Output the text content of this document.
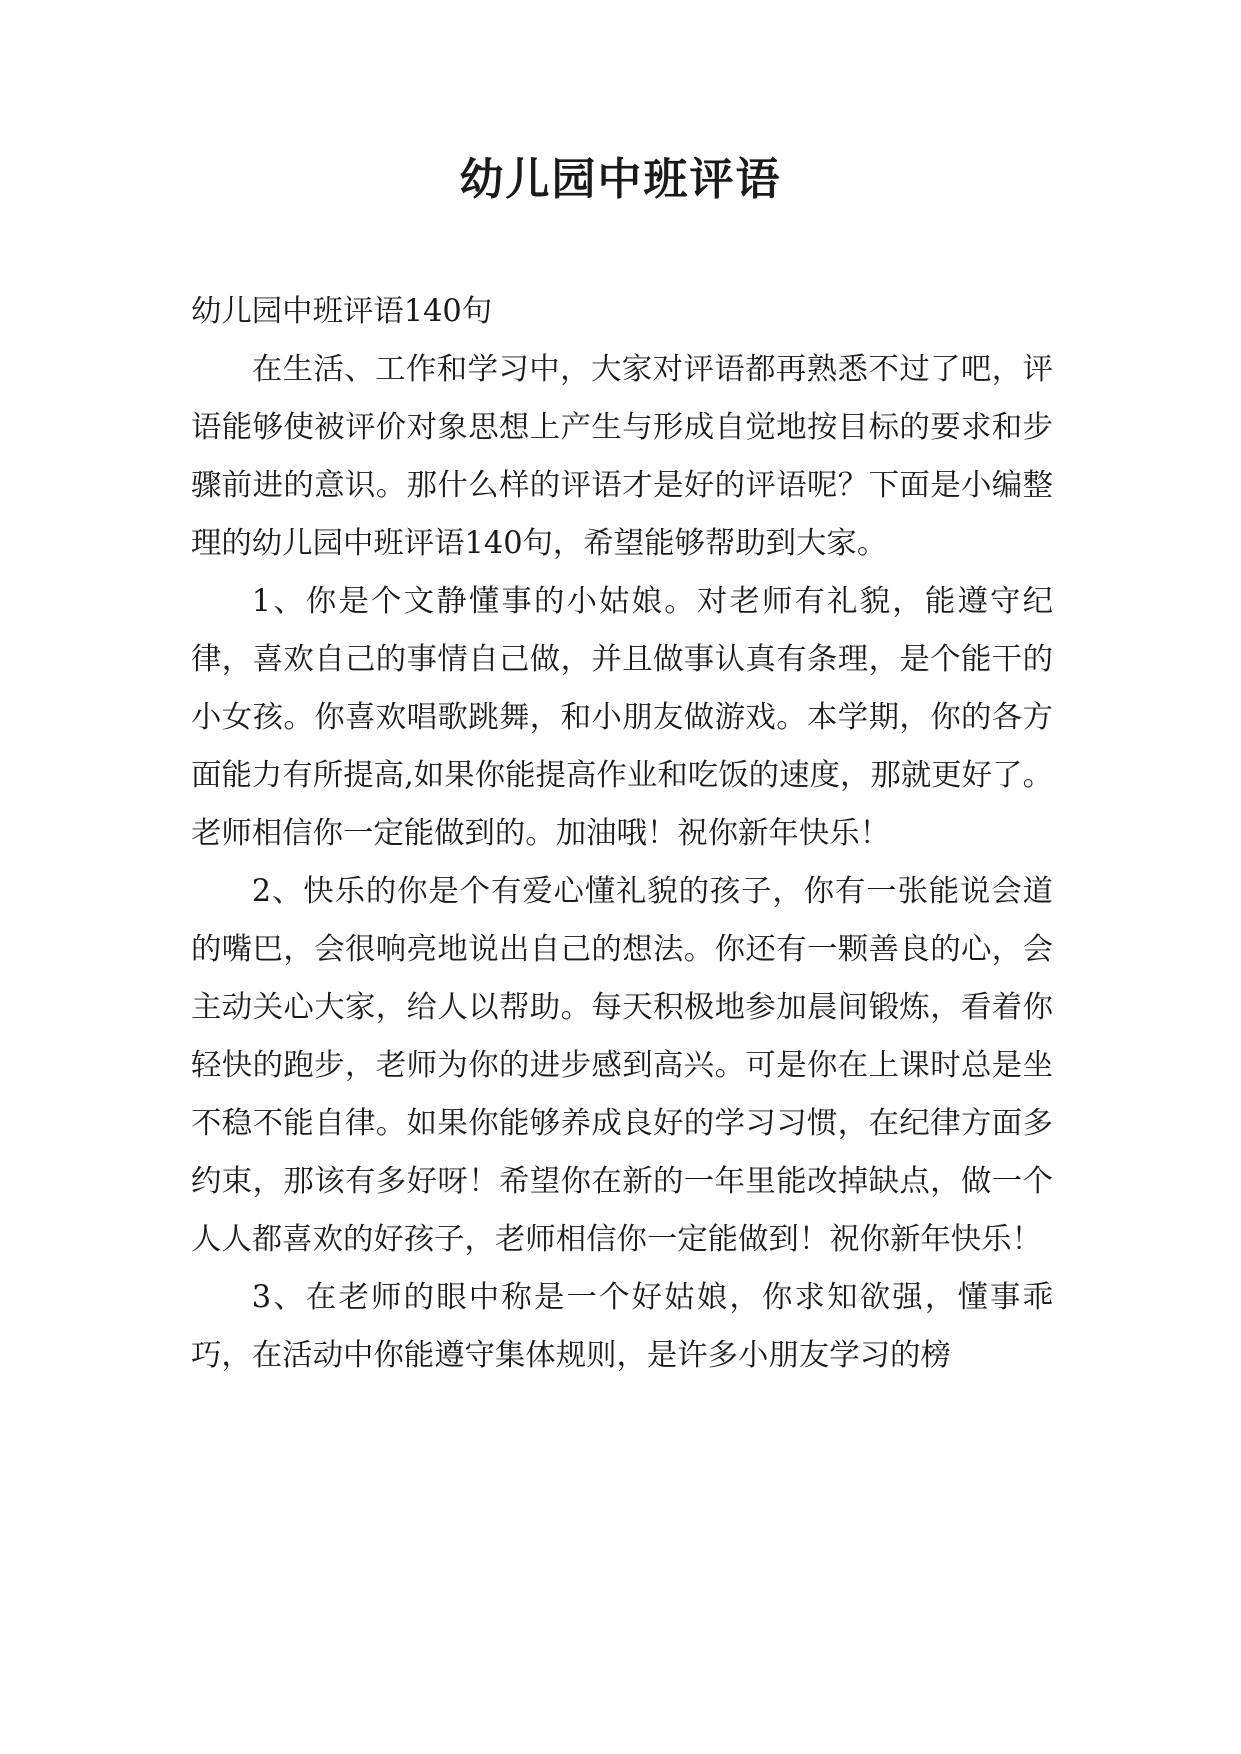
幼儿园中班评语

幼儿园中班评语140句

在生活、工作和学习中，大家对评语都再熟悉不过了吧，评语能够使被评价对象思想上产生与形成自觉地按目标的要求和步骤前进的意识。那什么样的评语才是好的评语呢？下面是小编整理的幼儿园中班评语140句，希望能够帮助到大家。

1、你是个文静懂事的小姑娘。对老师有礼貌，能遵守纪律，喜欢自己的事情自己做，并且做事认真有条理，是个能干的小女孩。你喜欢唱歌跳舞，和小朋友做游戏。本学期，你的各方面能力有所提高,如果你能提高作业和吃饭的速度，那就更好了。老师相信你一定能做到的。加油哦！祝你新年快乐！

2、快乐的你是个有爱心懂礼貌的孩子，你有一张能说会道的嘴巴，会很响亮地说出自己的想法。你还有一颗善良的心，会主动关心大家，给人以帮助。每天积极地参加晨间锻炼，看着你轻快的跑步，老师为你的进步感到高兴。可是你在上课时总是坐不稳不能自律。如果你能够养成良好的学习习惯，在纪律方面多约束，那该有多好呀！希望你在新的一年里能改掉缺点，做一个人人都喜欢的好孩子，老师相信你一定能做到！祝你新年快乐！

3、在老师的眼中称是一个好姑娘，你求知欲强，懂事乖巧，在活动中你能遵守集体规则，是许多小朋友学习的榜
